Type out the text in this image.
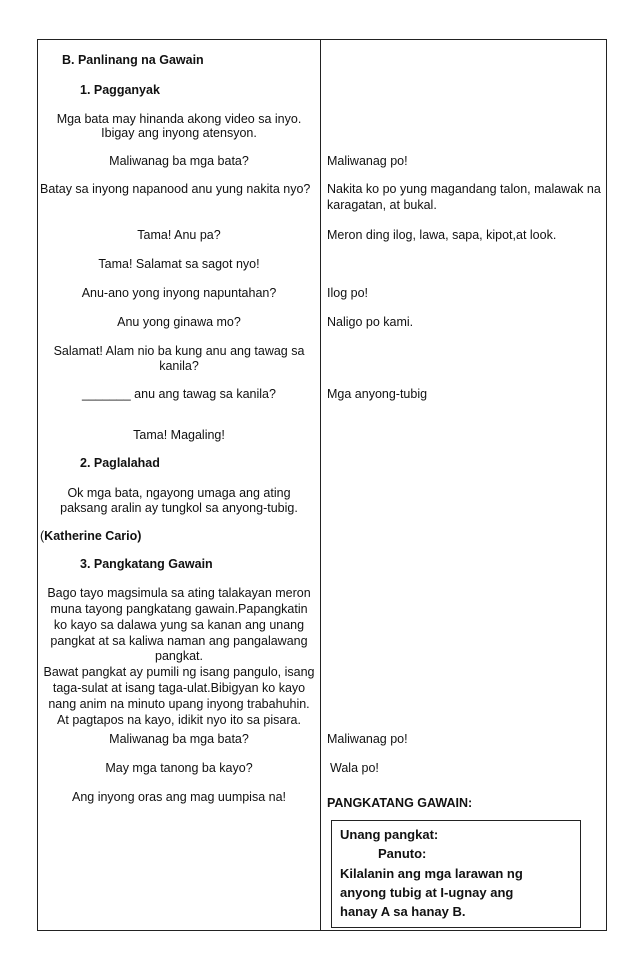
B. Panlinang na Gawain
1. Pagganyak
Mga bata may hinanda akong video sa inyo.
Ibigay ang inyong atensyon.
Maliwanag ba mga bata?
Batay sa inyong napanood anu yung nakita nyo?
Tama! Anu pa?
Tama! Salamat sa sagot nyo!
Anu-ano yong inyong napuntahan?
Anu yong ginawa mo?
Salamat! Alam nio ba kung anu ang tawag sa
kanila?
_______ anu ang tawag sa kanila?
Tama! Magaling!
2. Paglalahad
Ok mga bata, ngayong umaga ang ating
paksang aralin ay tungkol sa anyong-tubig.
(Katherine Cario)
3. Pangkatang Gawain
Bago tayo magsimula sa ating talakayan meron
muna tayong pangkatang gawain.Papangkatin
ko kayo sa dalawa yung sa kanan ang unang
pangkat at sa kaliwa naman ang pangalawang
pangkat.
Bawat pangkat ay pumili ng isang pangulo, isang
taga-sulat at isang taga-ulat.Bibigyan ko kayo
nang anim na minuto upang inyong trabahuhin.
At pagtapos na kayo, idikit nyo ito sa pisara.
Maliwanag ba mga bata?
May mga tanong ba kayo?
Ang inyong oras ang mag uumpisa na!
Maliwanag po!
Nakita ko po yung magandang talon, malawak na
karagatan, at bukal.
Meron ding ilog, lawa, sapa, kipot,at look.
Ilog po!
Naligo po kami.
Mga anyong-tubig
Maliwanag po!
Wala po!
PANGKATANG GAWAIN:
Unang pangkat:
Panuto:
Kilalanin ang mga larawan ng
anyong tubig at I-ugnay ang
hanay A sa hanay B.
